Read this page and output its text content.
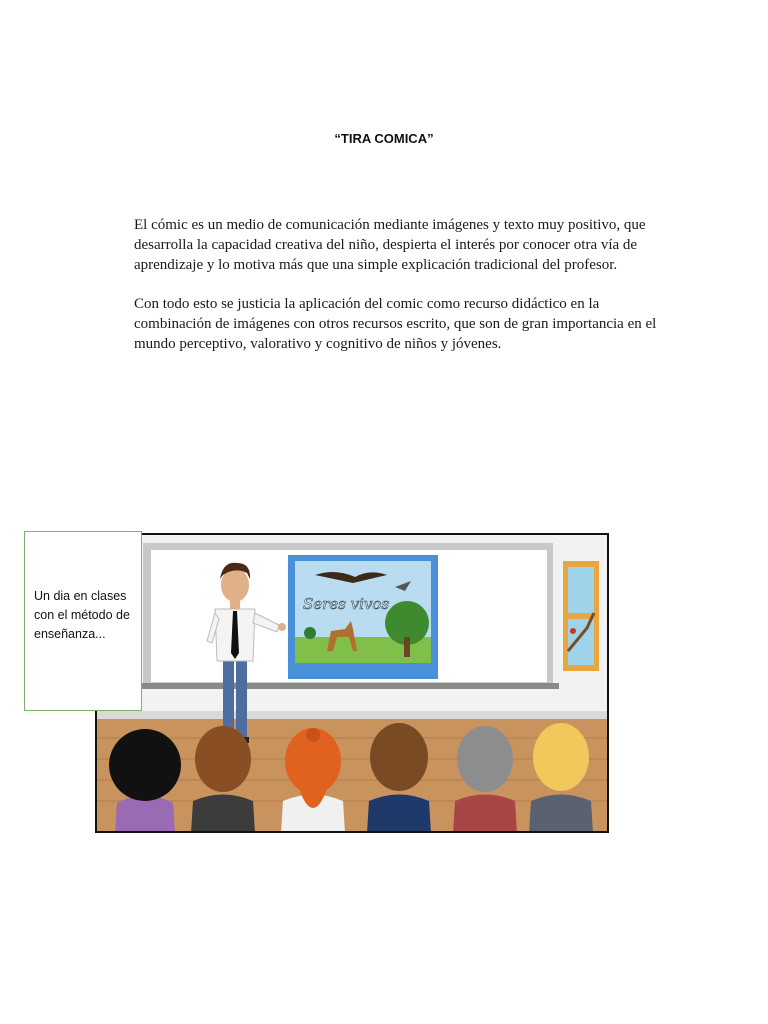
“TIRA COMICA”

El cómic es un medio de comunicación mediante imágenes y texto muy positivo, que desarrolla la capacidad creativa del niño, despierta el interés por conocer otra vía de aprendizaje y lo motiva más que una simple explicación tradicional del profesor.

Con todo esto se justicia la aplicación del comic como recurso didáctico en la combinación de imágenes con otros recursos escrito, que son de gran importancia en el mundo perceptivo, valorativo y cognitivo de niños y jóvenes.

Seres vivos
Un dia en clases con el método de enseñanza...
